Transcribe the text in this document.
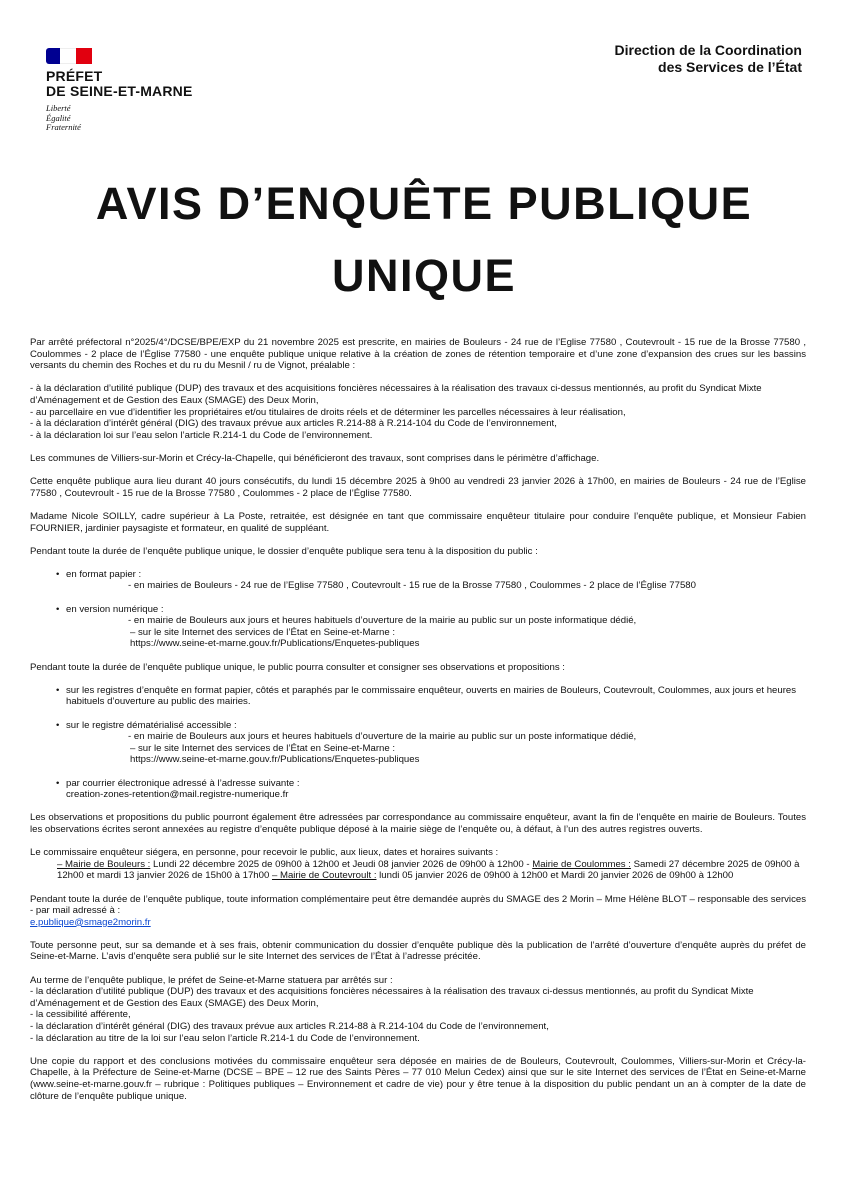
PRÉFET
DE SEINE-ET-MARNE
Liberté
Égalité
Fraternité
Direction de la Coordination
des Services de l’État
AVIS D’ENQUÊTE PUBLIQUE
UNIQUE

Par arrêté préfectoral n°2025/4°/DCSE/BPE/EXP du 21 novembre 2025 est prescrite, en mairies de Bouleurs - 24 rue de l’Eglise 77580 , Coutevroult - 15 rue de la Brosse 77580 , Coulommes - 2 place de l’Église 77580 - une enquête publique unique relative à la création de zones de rétention temporaire et d’une zone d’expansion des crues sur les bassins versants du chemin des Roches et du ru du Mesnil / ru de Vignot, préalable :

- à la déclaration d’utilité publique (DUP) des travaux et des acquisitions foncières nécessaires à la réalisation des travaux ci-dessus mentionnés, au profit du Syndicat Mixte d’Aménagement et de Gestion des Eaux (SMAGE) des Deux Morin,
- au parcellaire en vue d’identifier les propriétaires et/ou titulaires de droits réels et de déterminer les parcelles nécessaires à leur réalisation,
- à la déclaration d’intérêt général (DIG) des travaux prévue aux articles R.214-88 à R.214-104 du Code de l’environnement,
- à la déclaration loi sur l’eau selon l’article R.214-1 du Code de l’environnement.

Les communes de Villiers-sur-Morin et Crécy-la-Chapelle, qui bénéficieront des travaux, sont comprises dans le périmètre d’affichage.

Cette enquête publique aura lieu durant 40 jours consécutifs, du lundi 15 décembre 2025 à 9h00 au vendredi 23 janvier 2026 à 17h00, en mairies de Bouleurs - 24 rue de l’Eglise 77580 , Coutevroult - 15 rue de la Brosse 77580 , Coulommes - 2 place de l’Église 77580.

Madame Nicole SOILLY, cadre supérieur à La Poste, retraitée, est désignée en tant que commissaire enquêteur titulaire pour conduire l’enquête publique, et Monsieur Fabien FOURNIER, jardinier paysagiste et formateur, en qualité de suppléant.

Pendant toute la durée de l’enquête publique unique, le dossier d’enquête publique sera tenu à la disposition du public :

• en format papier :
- en mairies de Bouleurs - 24 rue de l’Eglise 77580 , Coutevroult - 15 rue de la Brosse 77580 , Coulommes - 2 place de l’Église 77580
• en version numérique :
- en mairie de Bouleurs aux jours et heures habituels d’ouverture de la mairie au public sur un poste informatique dédié,
– sur le site Internet des services de l’État en Seine-et-Marne :
https://www.seine-et-marne.gouv.fr/Publications/Enquetes-publiques

Pendant toute la durée de l’enquête publique unique, le public pourra consulter et consigner ses observations et propositions :

• sur les registres d’enquête en format papier, côtés et paraphés par le commissaire enquêteur, ouverts en mairies de Bouleurs, Coutevroult, Coulommes, aux jours et heures habituels d’ouverture au public des mairies.
• sur le registre dématérialisé accessible :
- en mairie de Bouleurs aux jours et heures habituels d’ouverture de la mairie au public sur un poste informatique dédié,
– sur le site Internet des services de l’État en Seine-et-Marne :
https://www.seine-et-marne.gouv.fr/Publications/Enquetes-publiques
• par courrier électronique adressé à l’adresse suivante :
creation-zones-retention@mail.registre-numerique.fr

Les observations et propositions du public pourront également être adressées par correspondance au commissaire enquêteur, avant la fin de l’enquête en mairie de Bouleurs. Toutes les observations écrites seront annexées au registre d’enquête publique déposé à la mairie siège de l’enquête ou, à défaut, à l’un des autres registres ouverts.

Le commissaire enquêteur siégera, en personne, pour recevoir le public, aux lieux, dates et horaires suivants :
– Mairie de Bouleurs : Lundi 22 décembre 2025 de 09h00 à 12h00 et Jeudi 08 janvier 2026 de 09h00 à 12h00 - Mairie de Coulommes : Samedi 27 décembre 2025 de 09h00 à 12h00 et mardi 13 janvier 2026 de 15h00 à 17h00 – Mairie de Coutevroult : lundi 05 janvier 2026 de 09h00 à 12h00 et Mardi 20 janvier 2026 de 09h00 à 12h00

Pendant toute la durée de l’enquête publique, toute information complémentaire peut être demandée auprès du SMAGE des 2 Morin – Mme Hélène BLOT – responsable des services - par mail adressé à :

e.publique@smage2morin.fr

Toute personne peut, sur sa demande et à ses frais, obtenir communication du dossier d’enquête publique dès la publication de l’arrêté d’ouverture d’enquête auprès du préfet de Seine-et-Marne. L’avis d’enquête sera publié sur le site Internet des services de l’État à l’adresse précitée.

Au terme de l’enquête publique, le préfet de Seine-et-Marne statuera par arrêtés sur :
- la déclaration d’utilité publique (DUP) des travaux et des acquisitions foncières nécessaires à la réalisation des travaux ci-dessus mentionnés, au profit du Syndicat Mixte d’Aménagement et de Gestion des Eaux (SMAGE) des Deux Morin,
- la cessibilité afférente,
- la déclaration d’intérêt général (DIG) des travaux prévue aux articles R.214-88 à R.214-104 du Code de l’environnement,
- la déclaration au titre de la loi sur l’eau selon l’article R.214-1 du Code de l’environnement.

Une copie du rapport et des conclusions motivées du commissaire enquêteur sera déposée en mairies de de Bouleurs, Coutevroult, Coulommes, Villiers-sur-Morin et Crécy-la-Chapelle, à la Préfecture de Seine-et-Marne (DCSE – BPE – 12 rue des Saints Pères – 77 010 Melun Cedex) ainsi que sur le site Internet des services de l’État en Seine-et-Marne (www.seine-et-marne.gouv.fr – rubrique : Politiques publiques – Environnement et cadre de vie) pour y être tenue à la disposition du public pendant un an à compter de la date de clôture de l’enquête publique unique.
